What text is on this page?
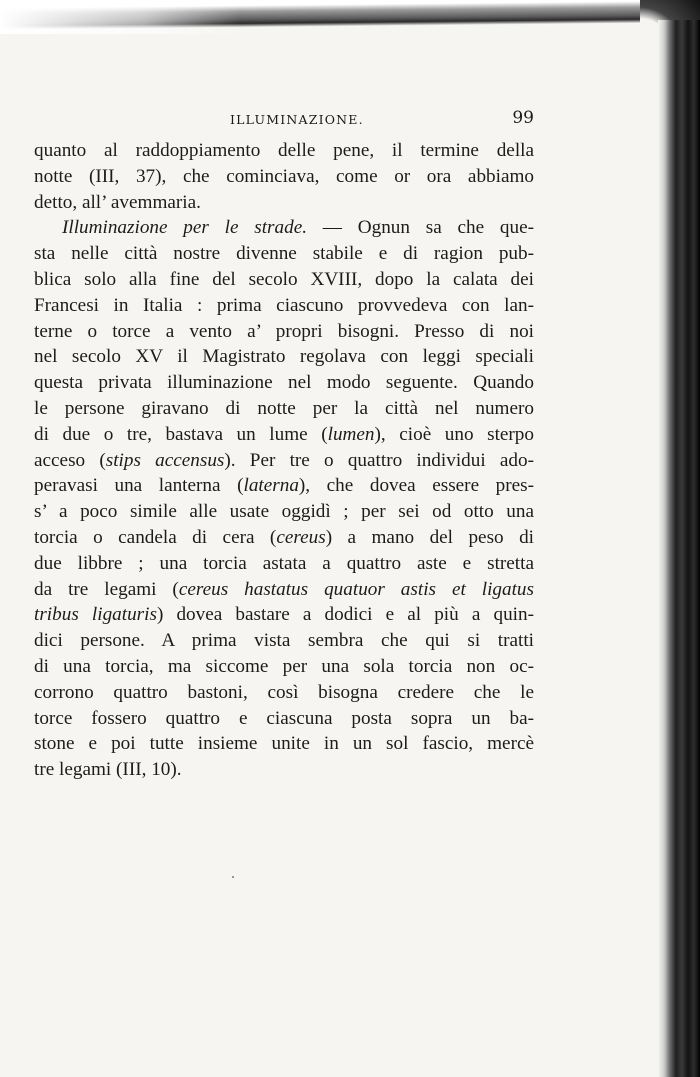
ILLUMINAZIONE.	99
quanto al raddoppiamento delle pene, il termine della
notte (III, 37), che cominciava, come or ora abbiamo
detto, all’ avemmaria.
Illuminazione per le strade. — Ognun sa che que-
sta nelle città nostre divenne stabile e di ragion pub-
blica solo alla fine del secolo XVIII, dopo la calata dei
Francesi in Italia : prima ciascuno provvedeva con lan-
terne o torce a vento a’ propri bisogni. Presso di noi
nel secolo XV il Magistrato regolava con leggi speciali
questa privata illuminazione nel modo seguente. Quando
le persone giravano di notte per la città nel numero
di due o tre, bastava un lume (lumen), cioè uno sterpo
acceso (stips accensus). Per tre o quattro individui ado-
peravasi una lanterna (laterna), che dovea essere pres-
s’ a poco simile alle usate oggidì ; per sei od otto una
torcia o candela di cera (cereus) a mano del peso di
due libbre ; una torcia astata a quattro aste e stretta
da tre legami (cereus hastatus quatuor astis et ligatus
tribus ligaturis) dovea bastare a dodici e al più a quin-
dici persone. A prima vista sembra che qui si tratti
di una torcia, ma siccome per una sola torcia non oc-
corrono quattro bastoni, così bisogna credere che le
torce fossero quattro e ciascuna posta sopra un ba-
stone e poi tutte insieme unite in un sol fascio, mercè
tre legami (III, 10).
